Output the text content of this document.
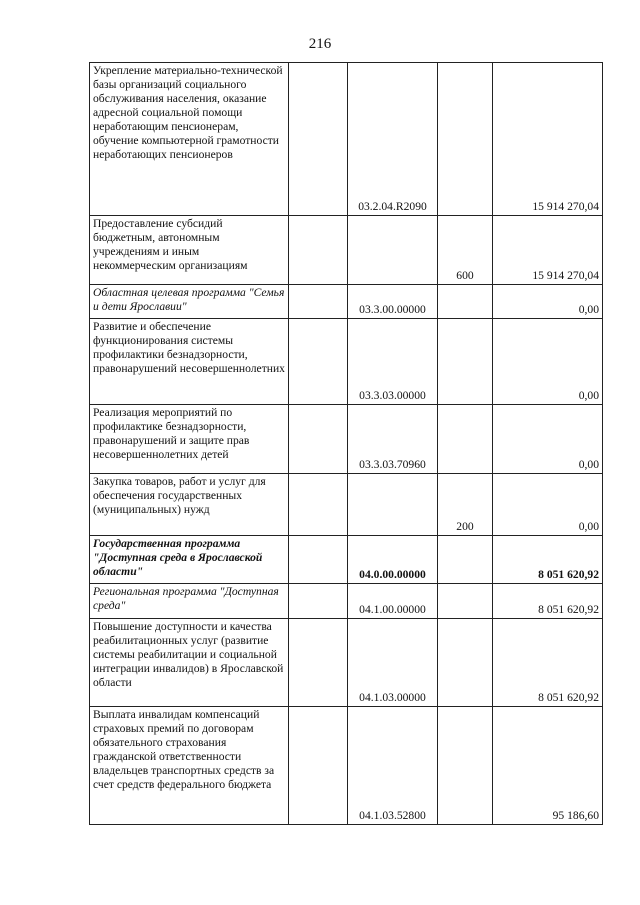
216
Укрепление материально-технической базы организаций социального обслуживания населения, оказание адресной социальной помощи неработающим пенсионерам, обучение компьютерной грамотности неработающих пенсионеров		03.2.04.R2090		15 914 270,04
Предоставление субсидий бюджетным, автономным учреждениям и иным некоммерческим организациям			600	15 914 270,04
Областная целевая программа "Семья и дети Ярославии"		03.3.00.00000		0,00
Развитие и обеспечение функционирования системы профилактики безнадзорности, правонарушений несовершеннолетних		03.3.03.00000		0,00
Реализация мероприятий по профилактике безнадзорности, правонарушений и защите прав несовершеннолетних детей		03.3.03.70960		0,00
Закупка товаров, работ и услуг для обеспечения государственных (муниципальных) нужд			200	0,00
Государственная программа "Доступная среда в Ярославской области"		04.0.00.00000		8 051 620,92
Региональная программа "Доступная среда"		04.1.00.00000		8 051 620,92
Повышение доступности и качества реабилитационных услуг (развитие системы реабилитации и социальной интеграции инвалидов) в Ярославской области		04.1.03.00000		8 051 620,92
Выплата инвалидам компенсаций страховых премий по договорам обязательного страхования гражданской ответственности владельцев транспортных средств за счет средств федерального бюджета		04.1.03.52800		95 186,60
